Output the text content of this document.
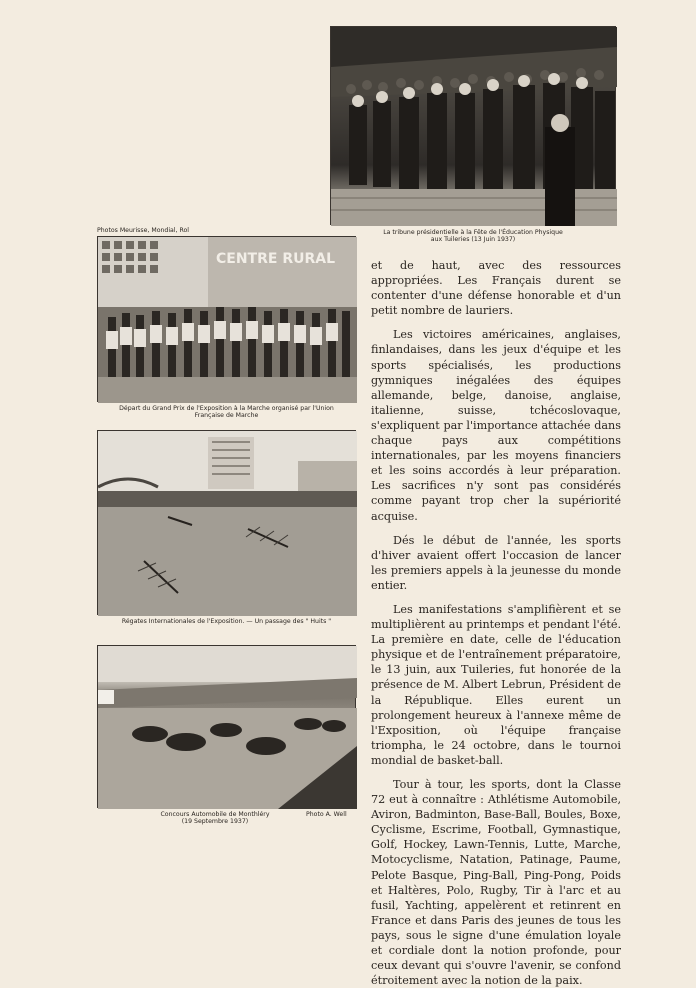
La tribune présidentielle à la Fête de l'Éducation Physique
aux Tuileries (13 Juin 1937)
Photos Meurisse, Mondial, Rol
CENTRE RURAL
Départ du Grand Prix de l'Exposition à la Marche organisé par l'Union
Française de Marche
Régates Internationales de l'Exposition. — Un passage des " Huits "
Concours Automobile de Monthléry
(19 Septembre 1937)
Photo A. Well

et de haut, avec des ressources appropriées. Les Français durent se contenter d'une défense honorable et d'un petit nombre de lauriers.

Les victoires américaines, anglaises, finlandaises, dans les jeux d'équipe et les sports spécialisés, les productions gymniques inégalées des équipes allemande, belge, danoise, anglaise, italienne, suisse, tchécoslovaque, s'expliquent par l'importance attachée dans chaque pays aux compétitions internationales, par les moyens financiers et les soins accordés à leur préparation. Les sacrifices n'y sont pas considérés comme payant trop cher la supériorité acquise.

Dés le début de l'année, les sports d'hiver avaient offert l'occasion de lancer les premiers appels à la jeunesse du monde entier.

Les manifestations s'amplifièrent et se multiplièrent au printemps et pendant l'été. La première en date, celle de l'éducation physique et de l'entraînement préparatoire, le 13 juin, aux Tuileries, fut honorée de la présence de M. Albert Lebrun, Président de la République. Elles eurent un prolongement heureux à l'annexe même de l'Exposition, où l'équipe française triompha, le 24 octobre, dans le tournoi mondial de basket-ball.

Tour à tour, les sports, dont la Classe 72 eut à connaître : Athlétisme Automobile, Aviron, Badminton, Base-Ball, Boules, Boxe, Cyclisme, Escrime, Football, Gymnastique, Golf, Hockey, Lawn-Tennis, Lutte, Marche, Motocyclisme, Natation, Patinage, Paume, Pelote Basque, Ping-Ball, Ping-Pong, Poids et Haltères, Polo, Rugby, Tir à l'arc et au fusil, Yachting, appelèrent et retinrent en France et dans Paris des jeunes de tous les pays, sous le signe d'une émulation loyale et cordiale dont la notion profonde, pour ceux devant qui s'ouvre l'avenir, se confond étroitement avec la notion de la paix.
